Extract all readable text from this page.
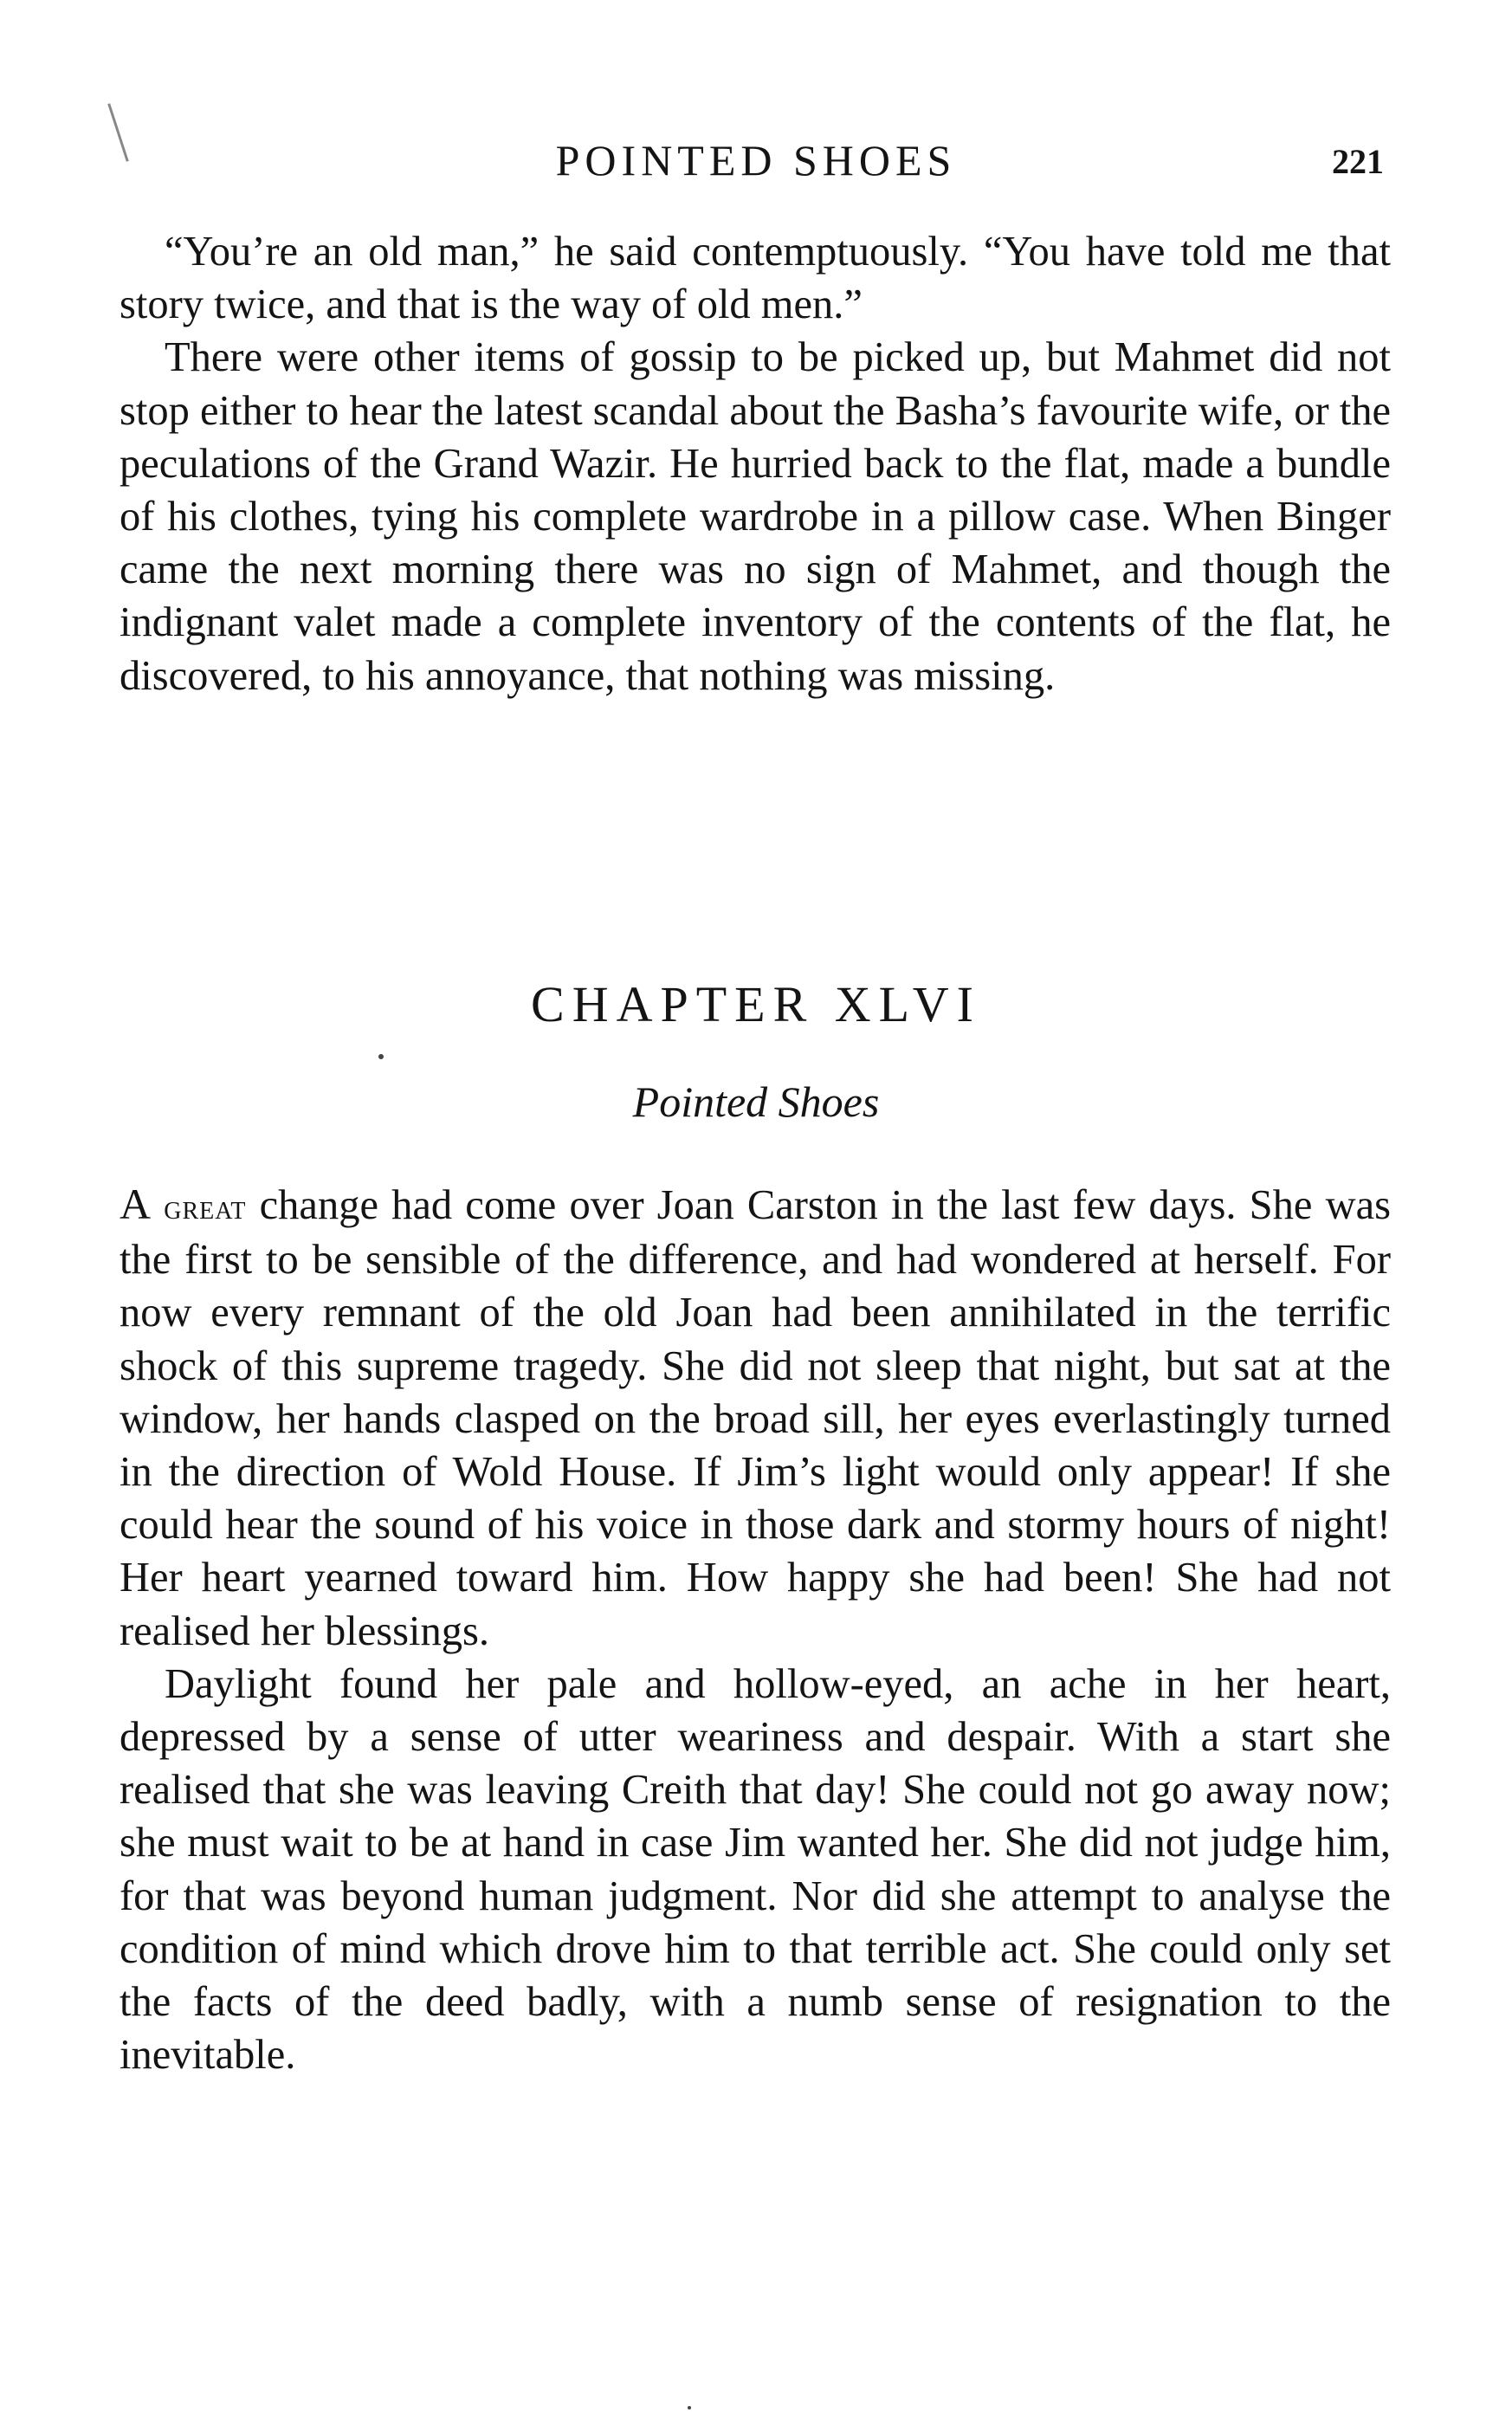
POINTED SHOES	221

“You’re an old man,” he said contemptuously. “You have told me that story twice, and that is the way of old men.”

There were other items of gossip to be picked up, but Mahmet did not stop either to hear the latest scandal about the Basha’s favourite wife, or the peculations of the Grand Wazir. He hurried back to the flat, made a bundle of his clothes, tying his complete wardrobe in a pillow case. When Binger came the next morning there was no sign of Mahmet, and though the indignant valet made a complete inventory of the contents of the flat, he discovered, to his annoyance, that nothing was missing.

CHAPTER XLVI
Pointed Shoes

A great change had come over Joan Carston in the last few days. She was the first to be sensible of the difference, and had wondered at herself. For now every remnant of the old Joan had been annihilated in the terrific shock of this supreme tragedy. She did not sleep that night, but sat at the window, her hands clasped on the broad sill, her eyes everlastingly turned in the direction of Wold House. If Jim’s light would only appear! If she could hear the sound of his voice in those dark and stormy hours of night! Her heart yearned toward him. How happy she had been! She had not realised her blessings.

Daylight found her pale and hollow-eyed, an ache in her heart, depressed by a sense of utter weariness and despair. With a start she realised that she was leaving Creith that day! She could not go away now; she must wait to be at hand in case Jim wanted her. She did not judge him, for that was beyond human judgment. Nor did she attempt to analyse the condition of mind which drove him to that terrible act. She could only set the facts of the deed badly, with a numb sense of resignation to the inevitable.
